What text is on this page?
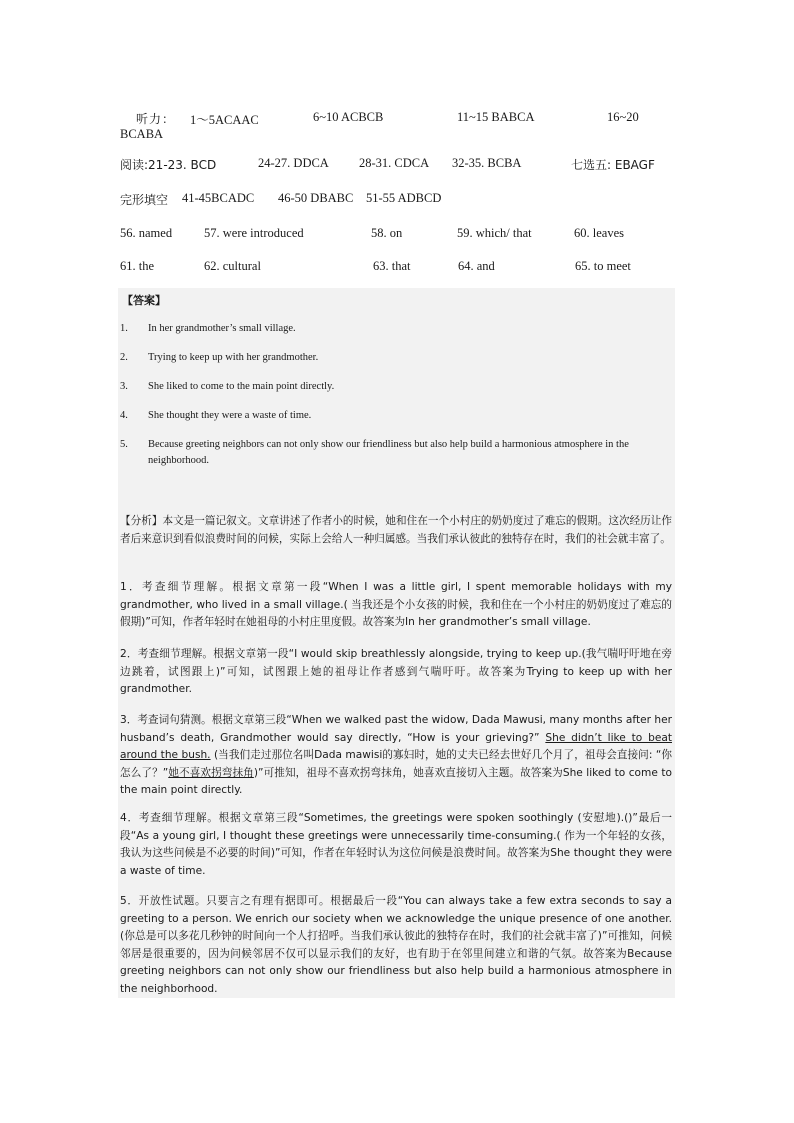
听力： 1～5ACAAC	6~10 ACBCB	11~15 BABCA	16~20
BCABA
阅读:21-23. BCD	24-27. DDCA 28-31. CDCA 32-35. BCBA	七选五: EBAGF
完形填空 41-45BCADC 46-50 DBABC 51-55 ADBCD
56. named	57. were introduced	58. on	59. which/ that	60. leaves
61. the	62. cultural	63. that	64. and	65. to meet
【答案】
1. In her grandmother’s small village.
2. Trying to keep up with her grandmother.
3. She liked to come to the main point directly.
4. She thought they were a waste of time.
5. Because greeting neighbors can not only show our friendliness but also help build a harmonious atmosphere in the neighborhood.
【分析】本文是一篇记叙文。文章讲述了作者小的时候，她和住在一个小村庄的奶奶度过了难忘的假期。这次经历让作者后来意识到看似浪费时间的问候，实际上会给人一种归属感。当我们承认彼此的独特存在时，我们的社会就丰富了。
1．考查细节理解。根据文章第一段“When I was a little girl, I spent memorable holidays with my grandmother, who lived in a small village.( 当我还是个小女孩的时候，我和住在一个小村庄的奶奶度过了难忘的假期)”可知，作者年轻时在她祖母的小村庄里度假。故答案为In her grandmother’s small village.
2．考查细节理解。根据文章第一段“I would skip breathlessly alongside, trying to keep up.(我气喘吁吁地在旁边跳着，试图跟上)”可知，试图跟上她的祖母让作者感到气喘吁吁。故答案为Trying to keep up with her grandmother.
3．考查词句猜测。根据文章第三段“When we walked past the widow, Dada Mawusi, many months after her husband’s death, Grandmother would say directly, “How is your grieving?” She didn’t like to beat around the bush. (当我们走过那位名叫Dada mawisi的寡妇时，她的丈夫已经去世好几个月了，祖母会直接问: “你怎么了？”她不喜欢拐弯抹角)”可推知，祖母不喜欢拐弯抹角，她喜欢直接切入主题。故答案为She liked to come to the main point directly.
4．考查细节理解。根据文章第三段“Sometimes, the greetings were spoken soothingly (安慰地).()”最后一段“As a young girl, I thought these greetings were unnecessarily time-consuming.( 作为一个年轻的女孩，我认为这些问候是不必要的时间)”可知，作者在年轻时认为这位问候是浪费时间。故答案为She thought they were a waste of time.
5．开放性试题。只要言之有理有据即可。根据最后一段“You can always take a few extra seconds to say a greeting to a person. We enrich our society when we acknowledge the unique presence of one another.(你总是可以多花几秒钟的时间向一个人打招呼。当我们承认彼此的独特存在时，我们的社会就丰富了)”可推知，问候邻居是很重要的，因为问候邻居不仅可以显示我们的友好，也有助于在邻里间建立和谐的气氛。故答案为Because greeting neighbors can not only show our friendliness but also help build a harmonious atmosphere in the neighborhood.
